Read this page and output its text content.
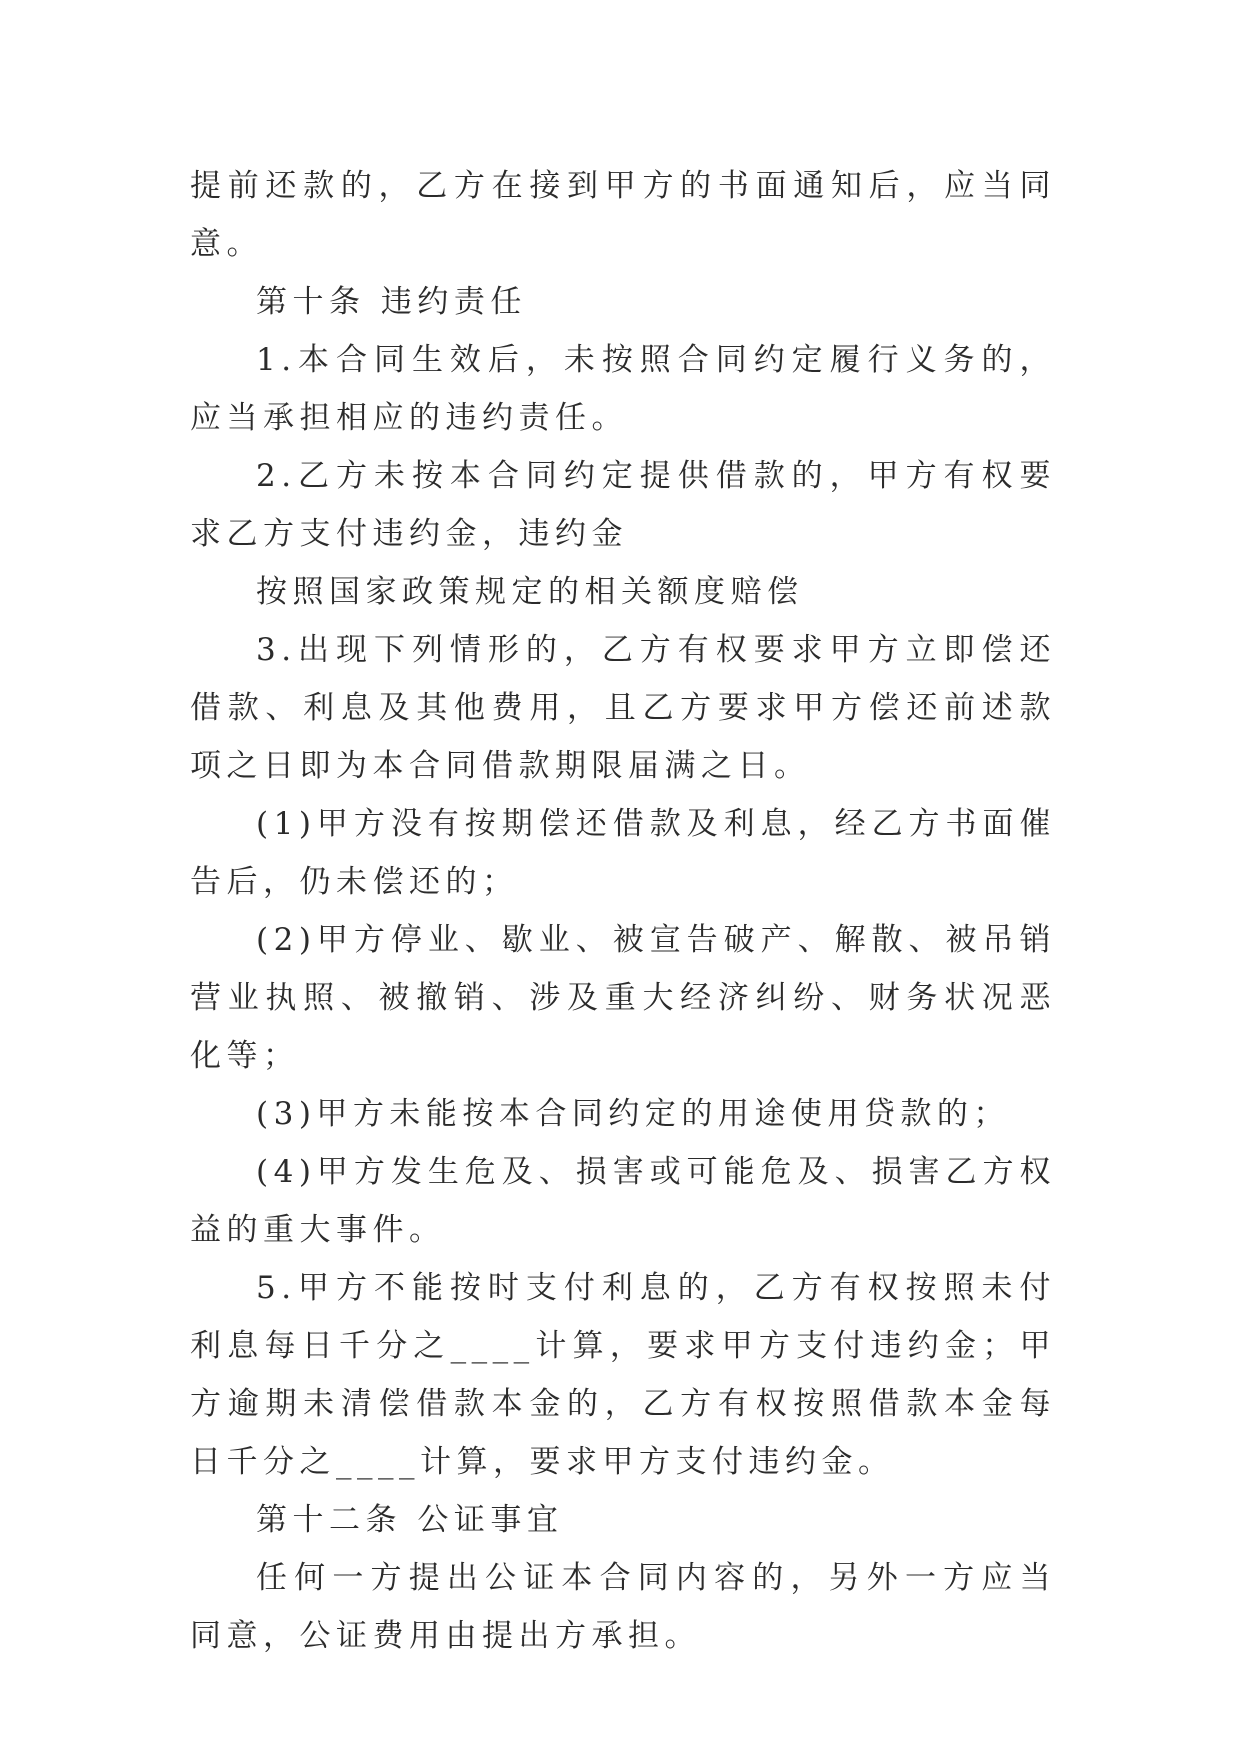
提前还款的，乙方在接到甲方的书面通知后，应当同意。

第十条 违约责任

1.本合同生效后，未按照合同约定履行义务的，应当承担相应的违约责任。

2.乙方未按本合同约定提供借款的，甲方有权要求乙方支付违约金，违约金

按照国家政策规定的相关额度赔偿

3.出现下列情形的，乙方有权要求甲方立即偿还借款、利息及其他费用，且乙方要求甲方偿还前述款项之日即为本合同借款期限届满之日。

(1)甲方没有按期偿还借款及利息，经乙方书面催告后，仍未偿还的；

(2)甲方停业、歇业、被宣告破产、解散、被吊销营业执照、被撤销、涉及重大经济纠纷、财务状况恶化等；

(3)甲方未能按本合同约定的用途使用贷款的；

(4)甲方发生危及、损害或可能危及、损害乙方权益的重大事件。

5.甲方不能按时支付利息的，乙方有权按照未付利息每日千分之____计算，要求甲方支付违约金；甲方逾期未清偿借款本金的，乙方有权按照借款本金每日千分之____计算，要求甲方支付违约金。

第十二条 公证事宜

任何一方提出公证本合同内容的，另外一方应当同意，公证费用由提出方承担。
